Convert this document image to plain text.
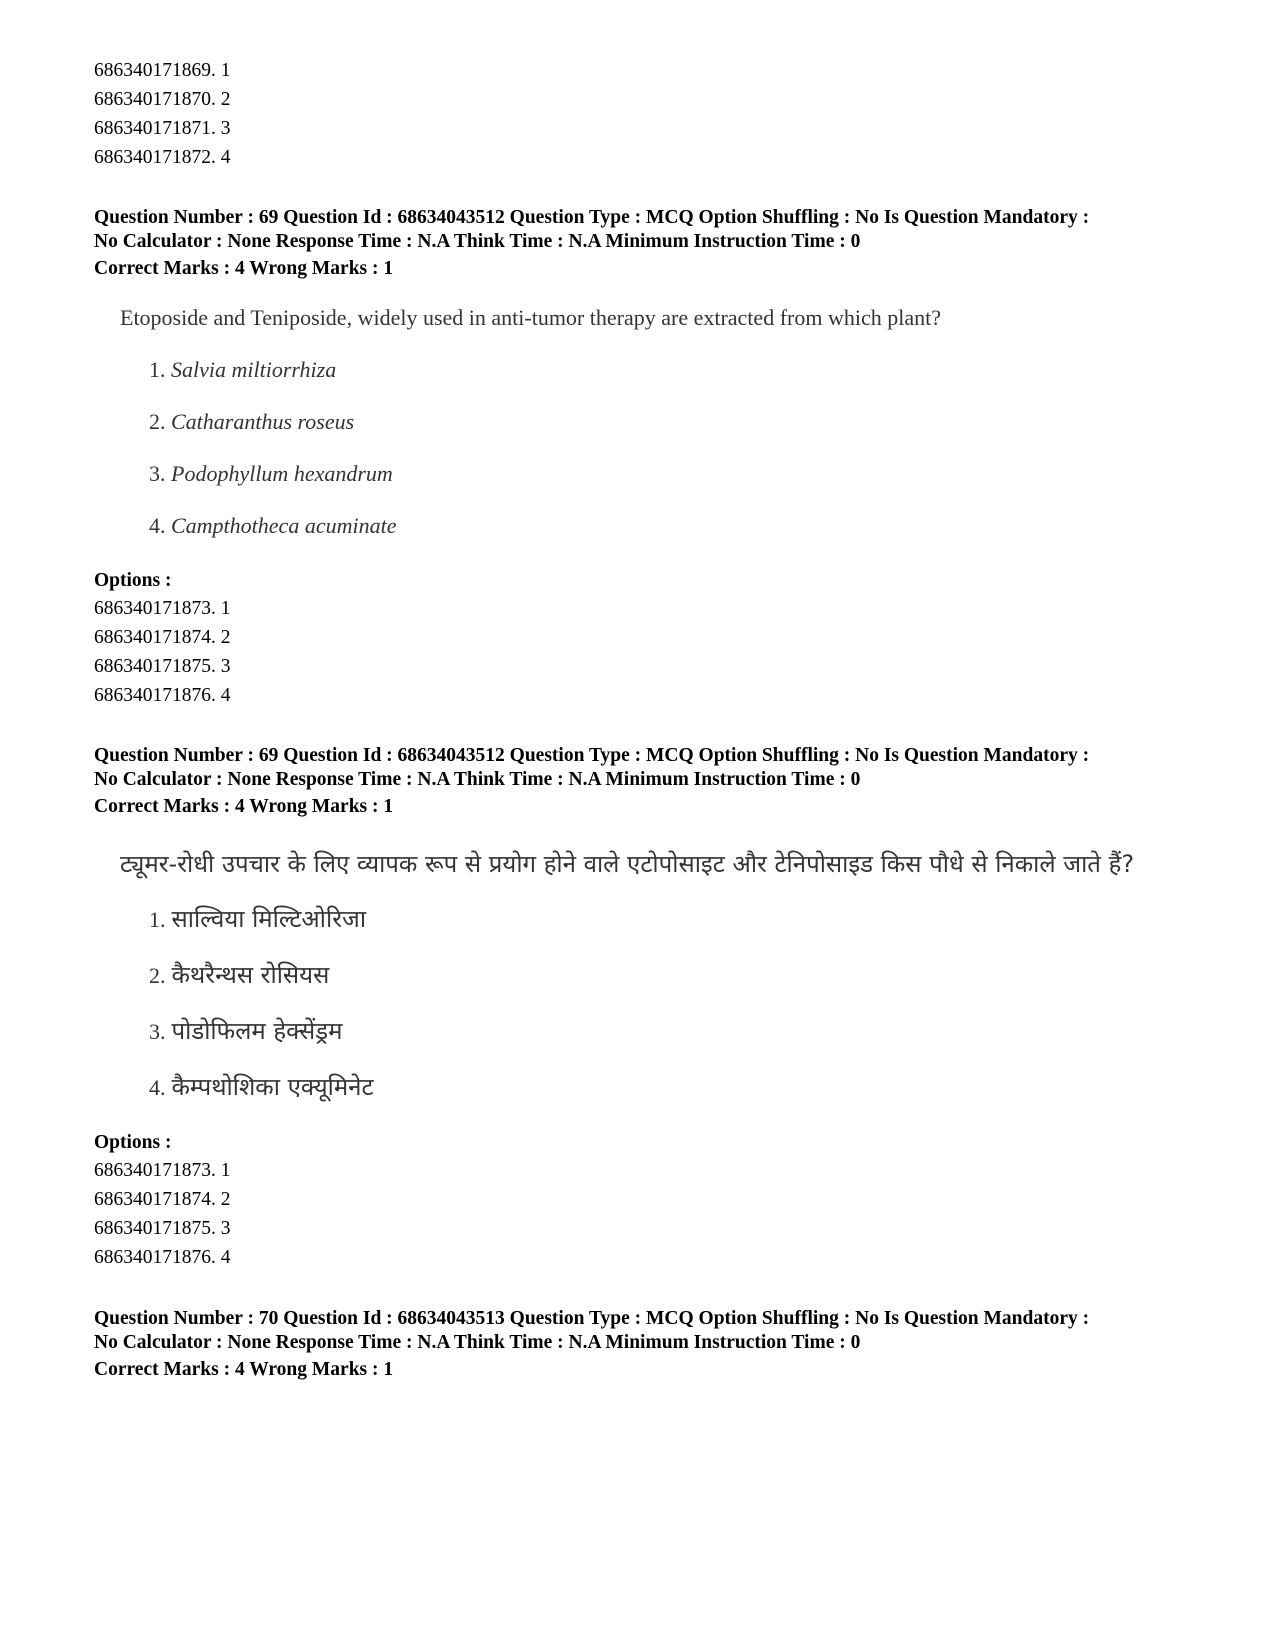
686340171869. 1
686340171870. 2
686340171871. 3
686340171872. 4
Question Number : 69 Question Id : 68634043512 Question Type : MCQ Option Shuffling : No Is Question Mandatory :
No Calculator : None Response Time : N.A Think Time : N.A Minimum Instruction Time : 0
Correct Marks : 4 Wrong Marks : 1
Etoposide and Teniposide, widely used in anti-tumor therapy are extracted from which plant?
1. Salvia miltiorrhiza
2. Catharanthus roseus
3. Podophyllum hexandrum
4. Campthotheca acuminate
Options :
686340171873. 1
686340171874. 2
686340171875. 3
686340171876. 4
Question Number : 69 Question Id : 68634043512 Question Type : MCQ Option Shuffling : No Is Question Mandatory :
No Calculator : None Response Time : N.A Think Time : N.A Minimum Instruction Time : 0
Correct Marks : 4 Wrong Marks : 1
ट्यूमर-रोधी उपचार के लिए व्यापक रूप से प्रयोग होने वाले एटोपोसाइट और टेनिपोसाइड किस पौधे से निकाले जाते हैं?
1. साल्विया मिल्टिओरिजा
2. कैथरैन्थस रोसियस
3. पोडोफिलम हेक्सेंड्रम
4. कैम्पथोशिका एक्यूमिनेट
Options :
686340171873. 1
686340171874. 2
686340171875. 3
686340171876. 4
Question Number : 70 Question Id : 68634043513 Question Type : MCQ Option Shuffling : No Is Question Mandatory :
No Calculator : None Response Time : N.A Think Time : N.A Minimum Instruction Time : 0
Correct Marks : 4 Wrong Marks : 1
